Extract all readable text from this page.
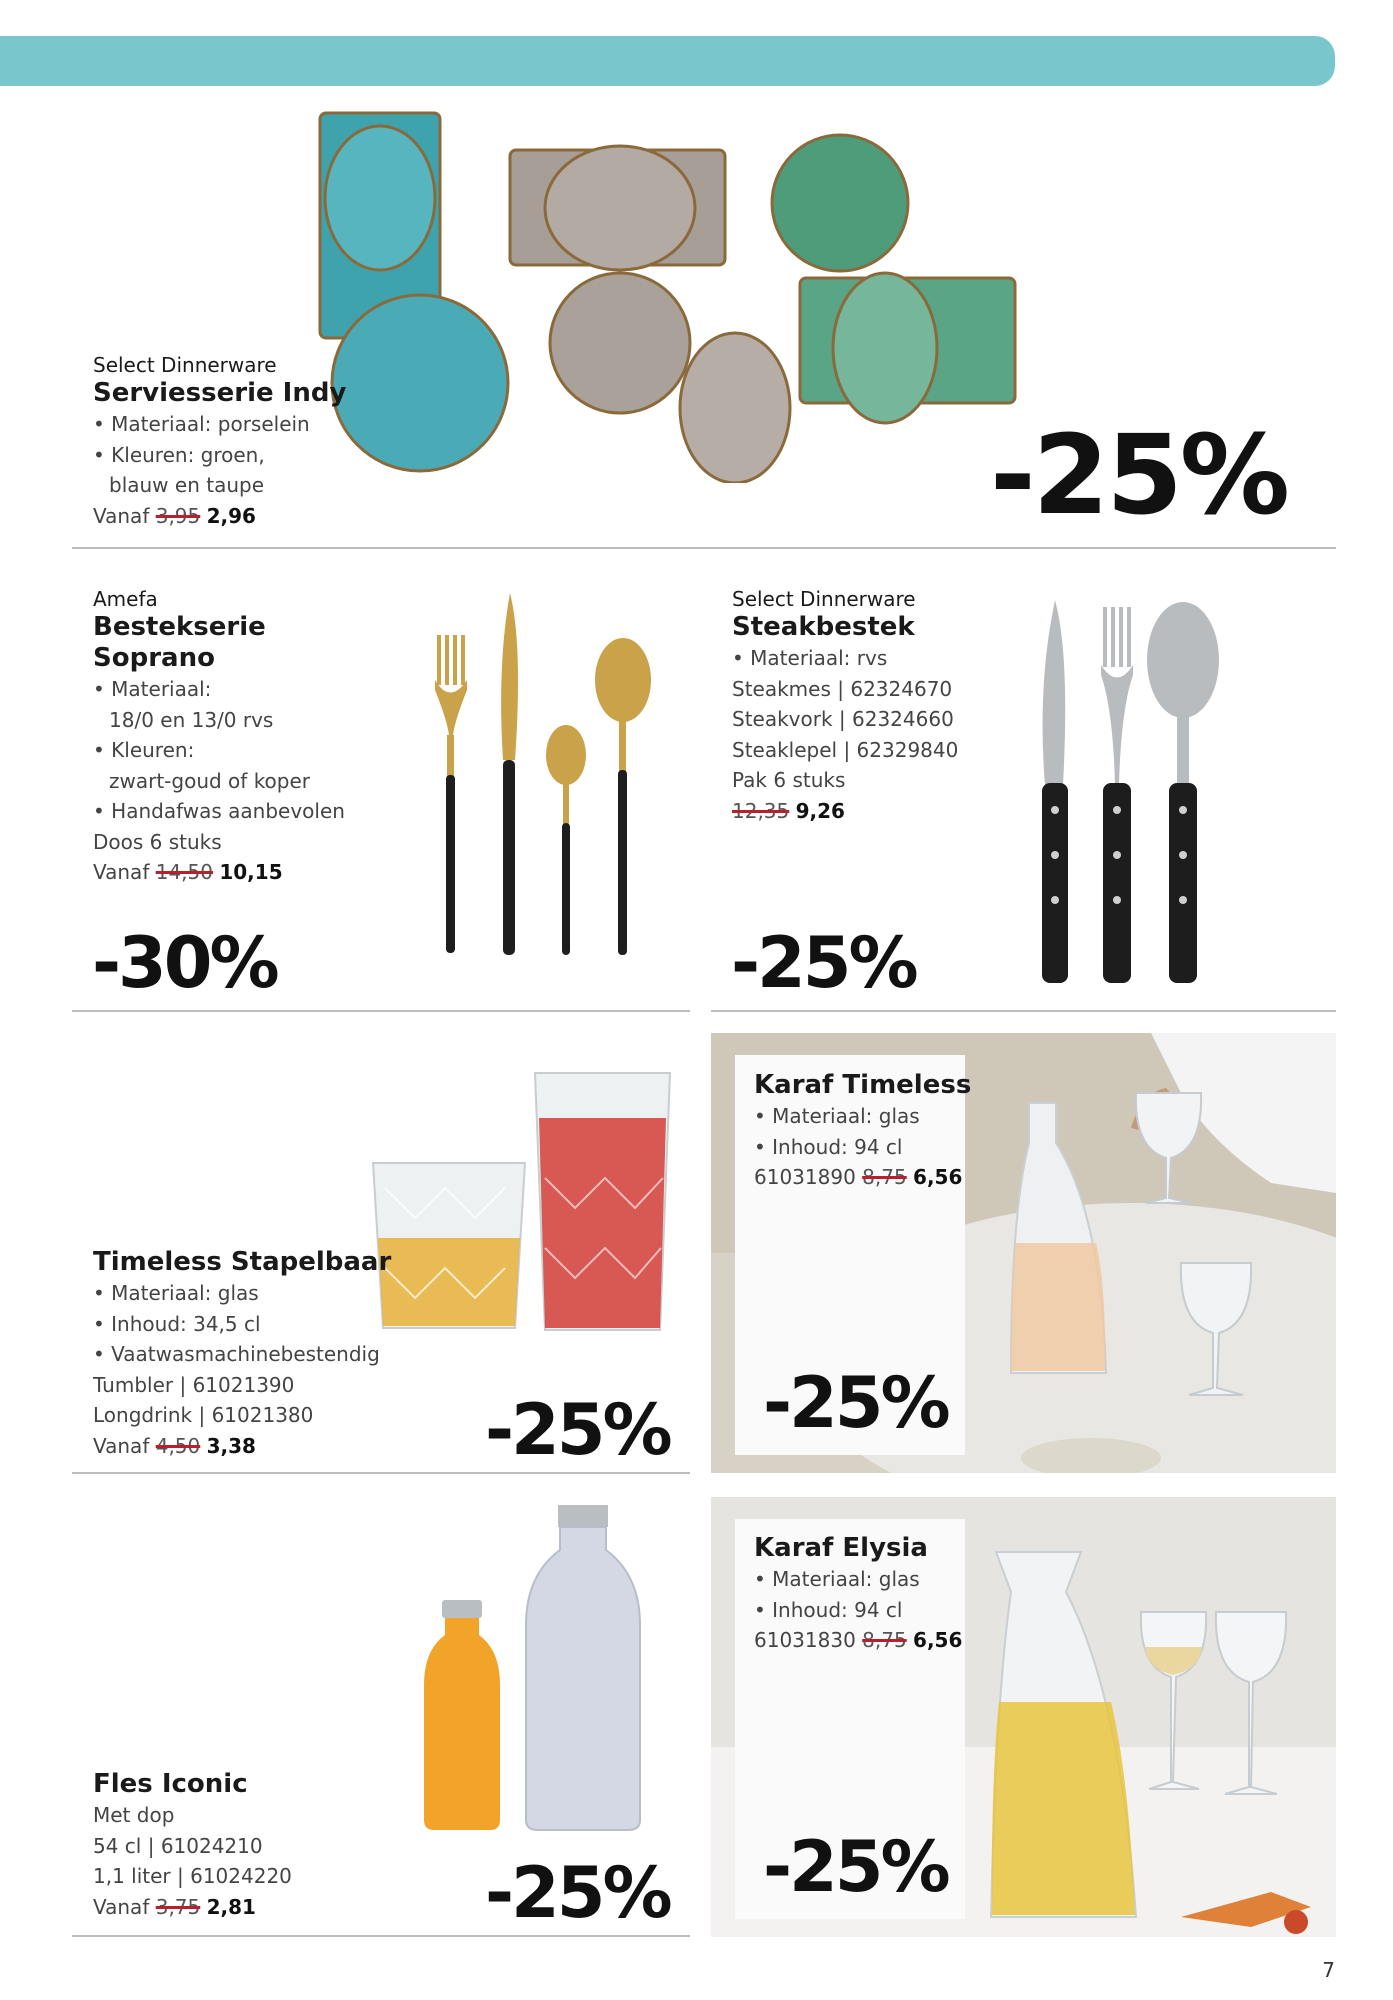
Select Dinnerware
Serviesserie Indy
• Materiaal: porselein
• Kleuren: groen,
blauw en taupe
Vanaf 3,95 2,96	-25%
Amefa
Bestekserie
Soprano
• Materiaal:
18/0 en 13/0 rvs
• Kleuren:
zwart-goud of koper
• Handafwas aanbevolen
Doos 6 stuks
Vanaf 14,50 10,15
-30%
Select Dinnerware
Steakbestek
• Materiaal: rvs
Steakmes | 62324670
Steakvork | 62324660
Steaklepel | 62329840
Pak 6 stuks
12,35 9,26
-25%
Timeless Stapelbaar
• Materiaal: glas
• Inhoud: 34,5 cl
• Vaatwasmachinebestendig
Tumbler | 61021390
Longdrink | 61021380
Vanaf 4,50 3,38	-25%
Karaf Timeless
• Materiaal: glas
• Inhoud: 94 cl
61031890 8,75 6,56
-25%
Fles Iconic
Met dop
54 cl | 61024210
1,1 liter | 61024220
Vanaf 3,75 2,81	-25%
Karaf Elysia
• Materiaal: glas
• Inhoud: 94 cl
61031830 8,75 6,56
-25%
7
